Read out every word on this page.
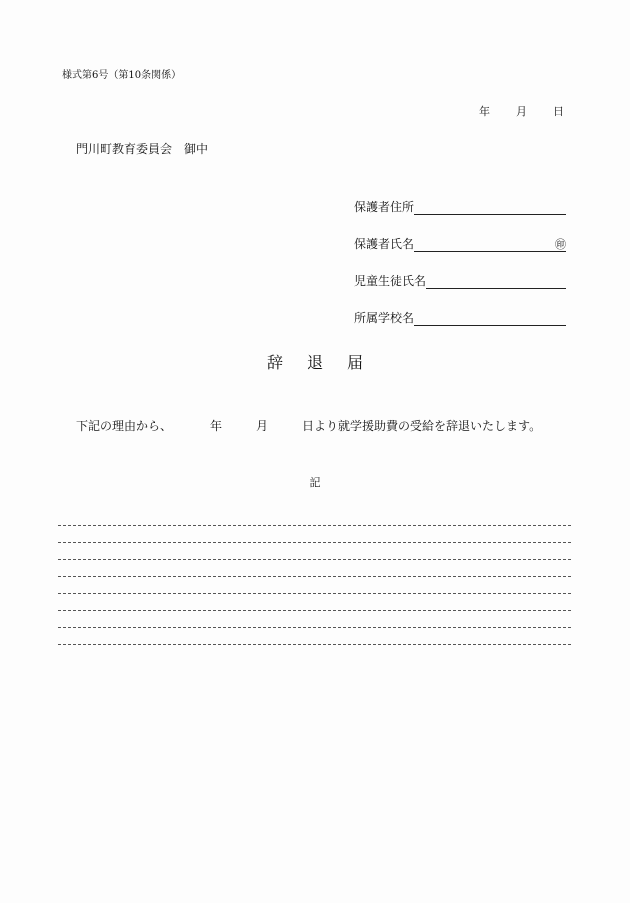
様式第6号（第10条関係）
年 月 日
門川町教育委員会 御中
保護者住所
保護者氏名	㊞
児童生徒氏名
所属学校名
辞 退 届
下記の理由から、	年	月	日より就学援助費の受給を辞退いたします。
記
